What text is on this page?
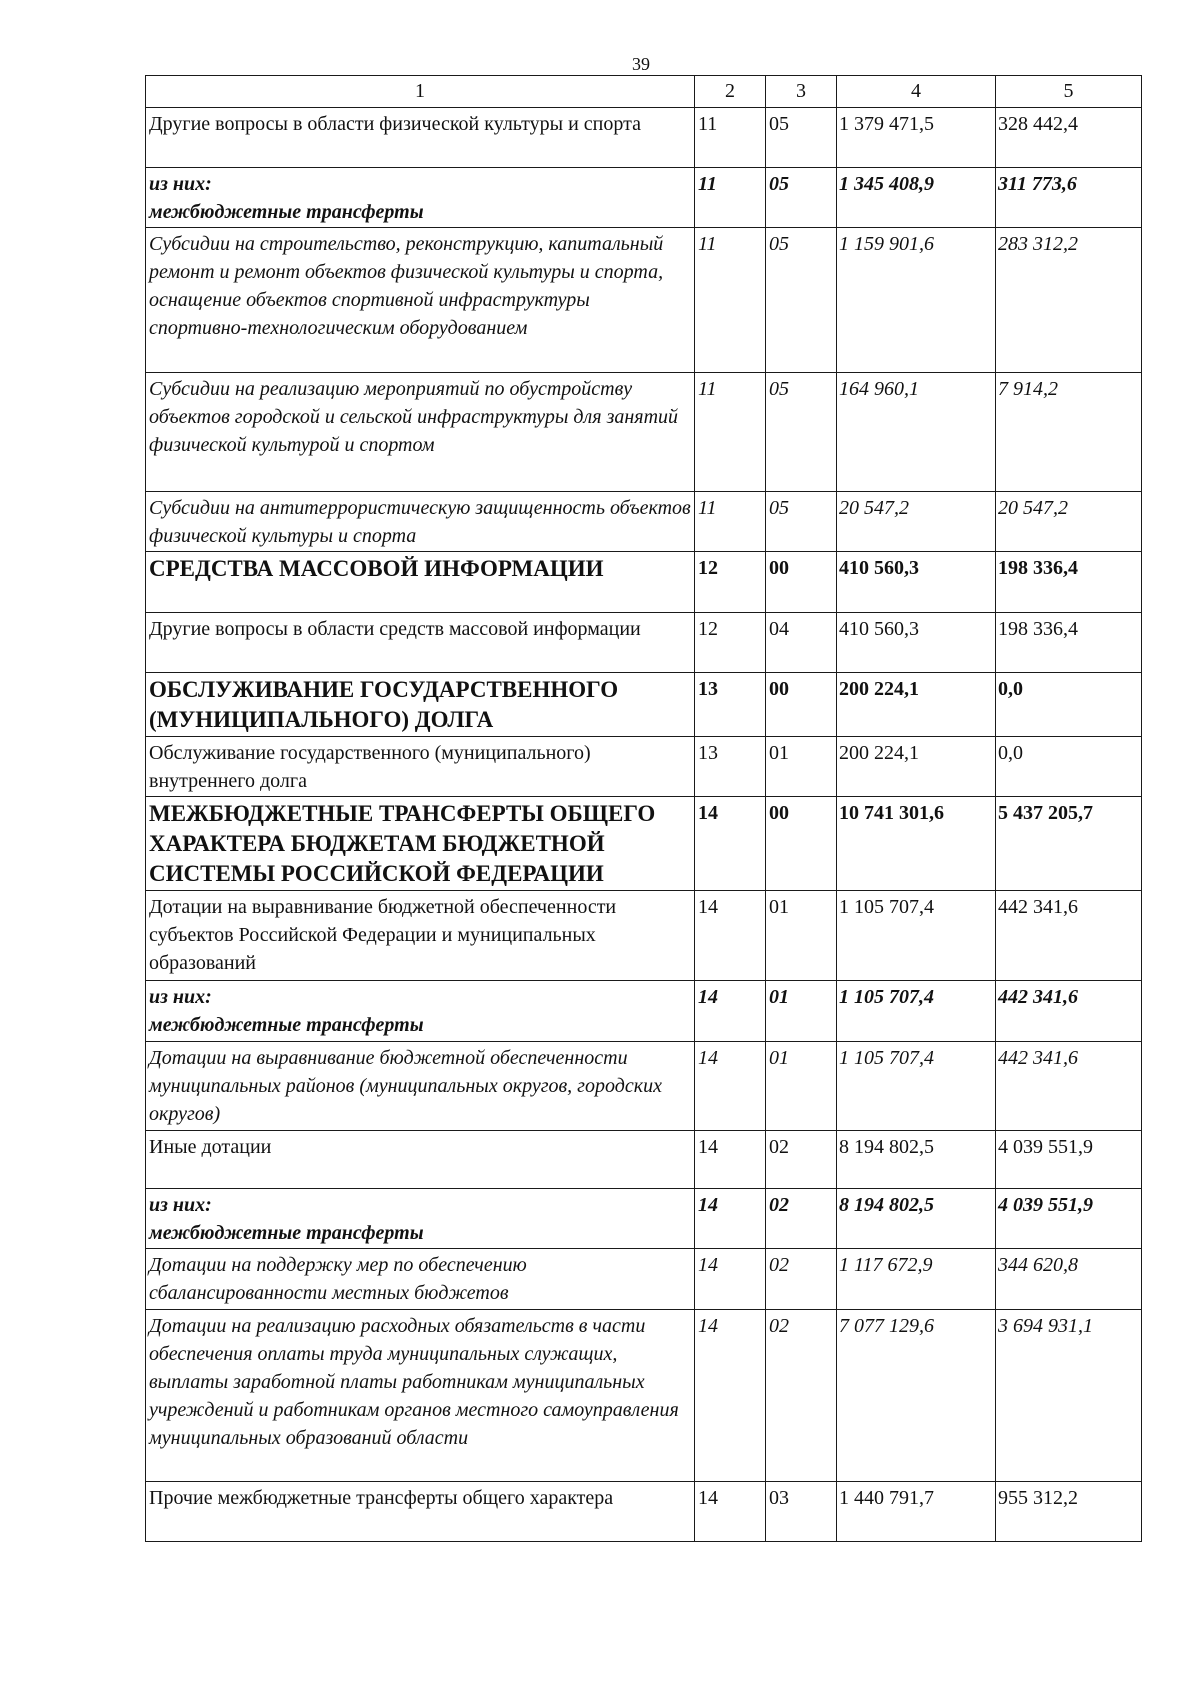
39
1	2	3	4	5
Другие вопросы в области физической культуры и спорта	11	05	1 379 471,5	328 442,4

из них:
межбюджетные трансферты	11	05	1 345 408,9	311 773,6
Субсидии на строительство, реконструкцию, капитальный ремонт и ремонт объектов физической культуры и спорта, оснащение объектов спортивной инфраструктуры спортивно-технологическим оборудованием	11	05	1 159 901,6	283 312,2
Субсидии на реализацию мероприятий по обустройству объектов городской и сельской инфраструктуры для занятий физической культурой и спортом	11	05	164 960,1	7 914,2
Субсидии на антитеррористическую защищенность объектов физической культуры и спорта	11	05	20 547,2	20 547,2
СРЕДСТВА МАССОВОЙ ИНФОРМАЦИИ	12	00	410 560,3	198 336,4
Другие вопросы в области средств массовой информации	12	04	410 560,3	198 336,4
ОБСЛУЖИВАНИЕ ГОСУДАРСТВЕННОГО (МУНИЦИПАЛЬНОГО) ДОЛГА	13	00	200 224,1	0,0
Обслуживание государственного (муниципального) внутреннего долга	13	01	200 224,1	0,0
МЕЖБЮДЖЕТНЫЕ ТРАНСФЕРТЫ ОБЩЕГО ХАРАКТЕРА БЮДЖЕТАМ БЮДЖЕТНОЙ СИСТЕМЫ РОССИЙСКОЙ ФЕДЕРАЦИИ	14	00	10 741 301,6	5 437 205,7
Дотации на выравнивание бюджетной обеспеченности субъектов Российской Федерации и муниципальных образований	14	01	1 105 707,4	442 341,6

из них:
межбюджетные трансферты	14	01	1 105 707,4	442 341,6
Дотации на выравнивание бюджетной обеспеченности муниципальных районов (муниципальных округов, городских округов)	14	01	1 105 707,4	442 341,6
Иные дотации	14	02	8 194 802,5	4 039 551,9

из них:
межбюджетные трансферты	14	02	8 194 802,5	4 039 551,9
Дотации на поддержку мер по обеспечению сбалансированности местных бюджетов	14	02	1 117 672,9	344 620,8
Дотации на реализацию расходных обязательств в части обеспечения оплаты труда муниципальных служащих, выплаты заработной платы работникам муниципальных учреждений и работникам органов местного самоуправления муниципальных образований области	14	02	7 077 129,6	3 694 931,1
Прочие межбюджетные трансферты общего характера	14	03	1 440 791,7	955 312,2
